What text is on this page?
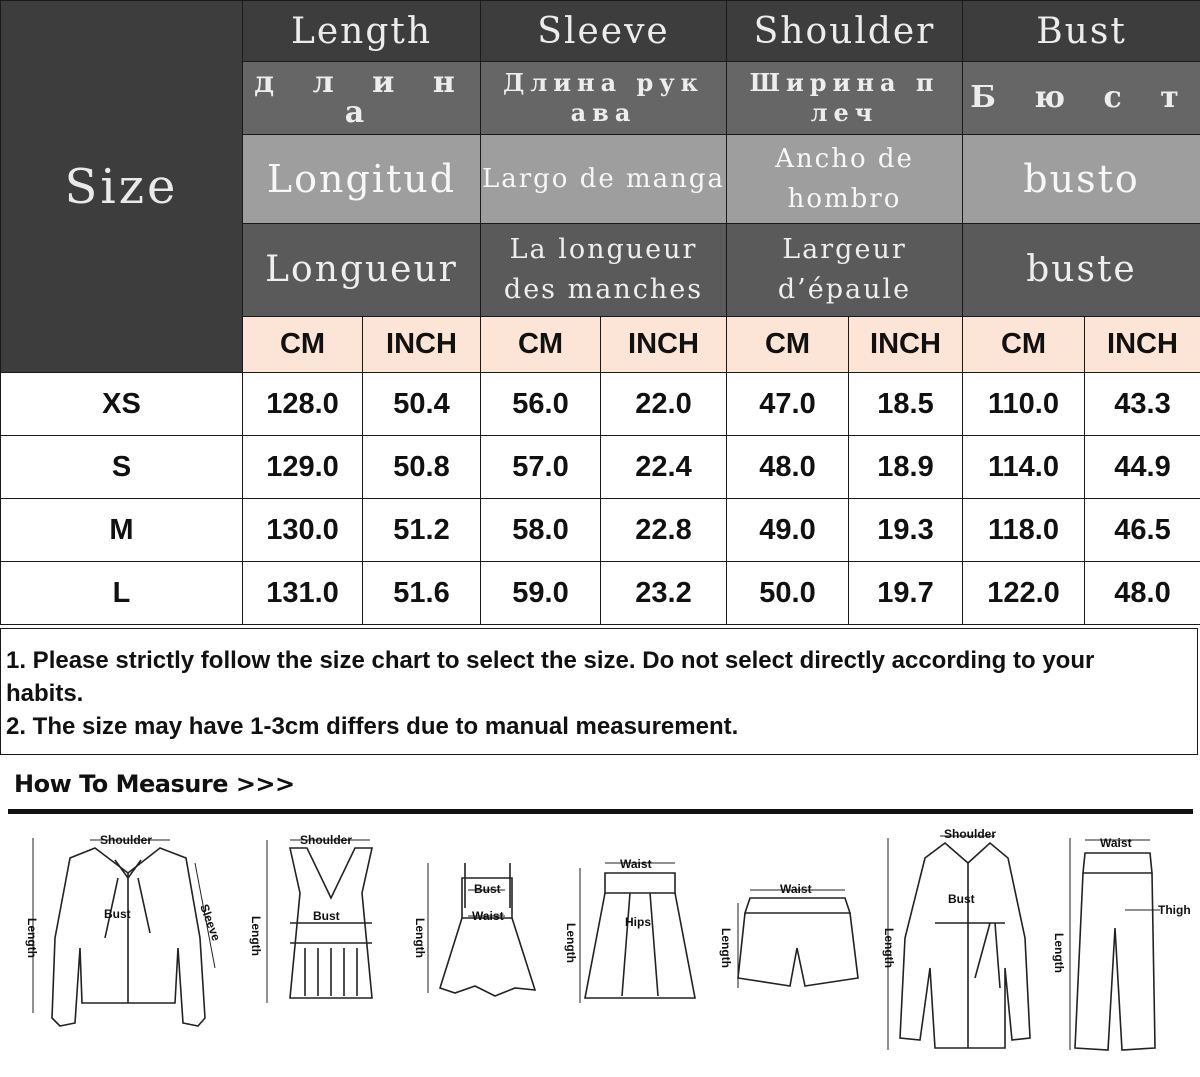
Size	Length		Sleeve		Shoulder		Bust	
	д л и н а		Длина рук ава		Ширина п леч		Б ю с т	
	Longitud		Largo de manga		Ancho de hombro		busto	
	Longueur		La longueur des manches		Largeur d’épaule		buste	
	CM	INCH	CM	INCH	CM	INCH	CM	INCH
XS	128.0	50.4	56.0	22.0	47.0	18.5	110.0	43.3
S	129.0	50.8	57.0	22.4	48.0	18.9	114.0	44.9
M	130.0	51.2	58.0	22.8	49.0	19.3	118.0	46.5
L	131.0	51.6	59.0	23.2	50.0	19.7	122.0	48.0

1. Please strictly follow the size chart to select the size. Do not select directly according to your habits.

2. The size may have 1-3cm differs due to manual measurement.

How To Measure >>>
Shoulder
Bust	Sleeve
Length
Shoulder
Bust
Length
Bust
Waist
Length
Waist
Hips
Length
Waist
Length
Shoulder
Bust
Length
Waist
Thigh
Length
